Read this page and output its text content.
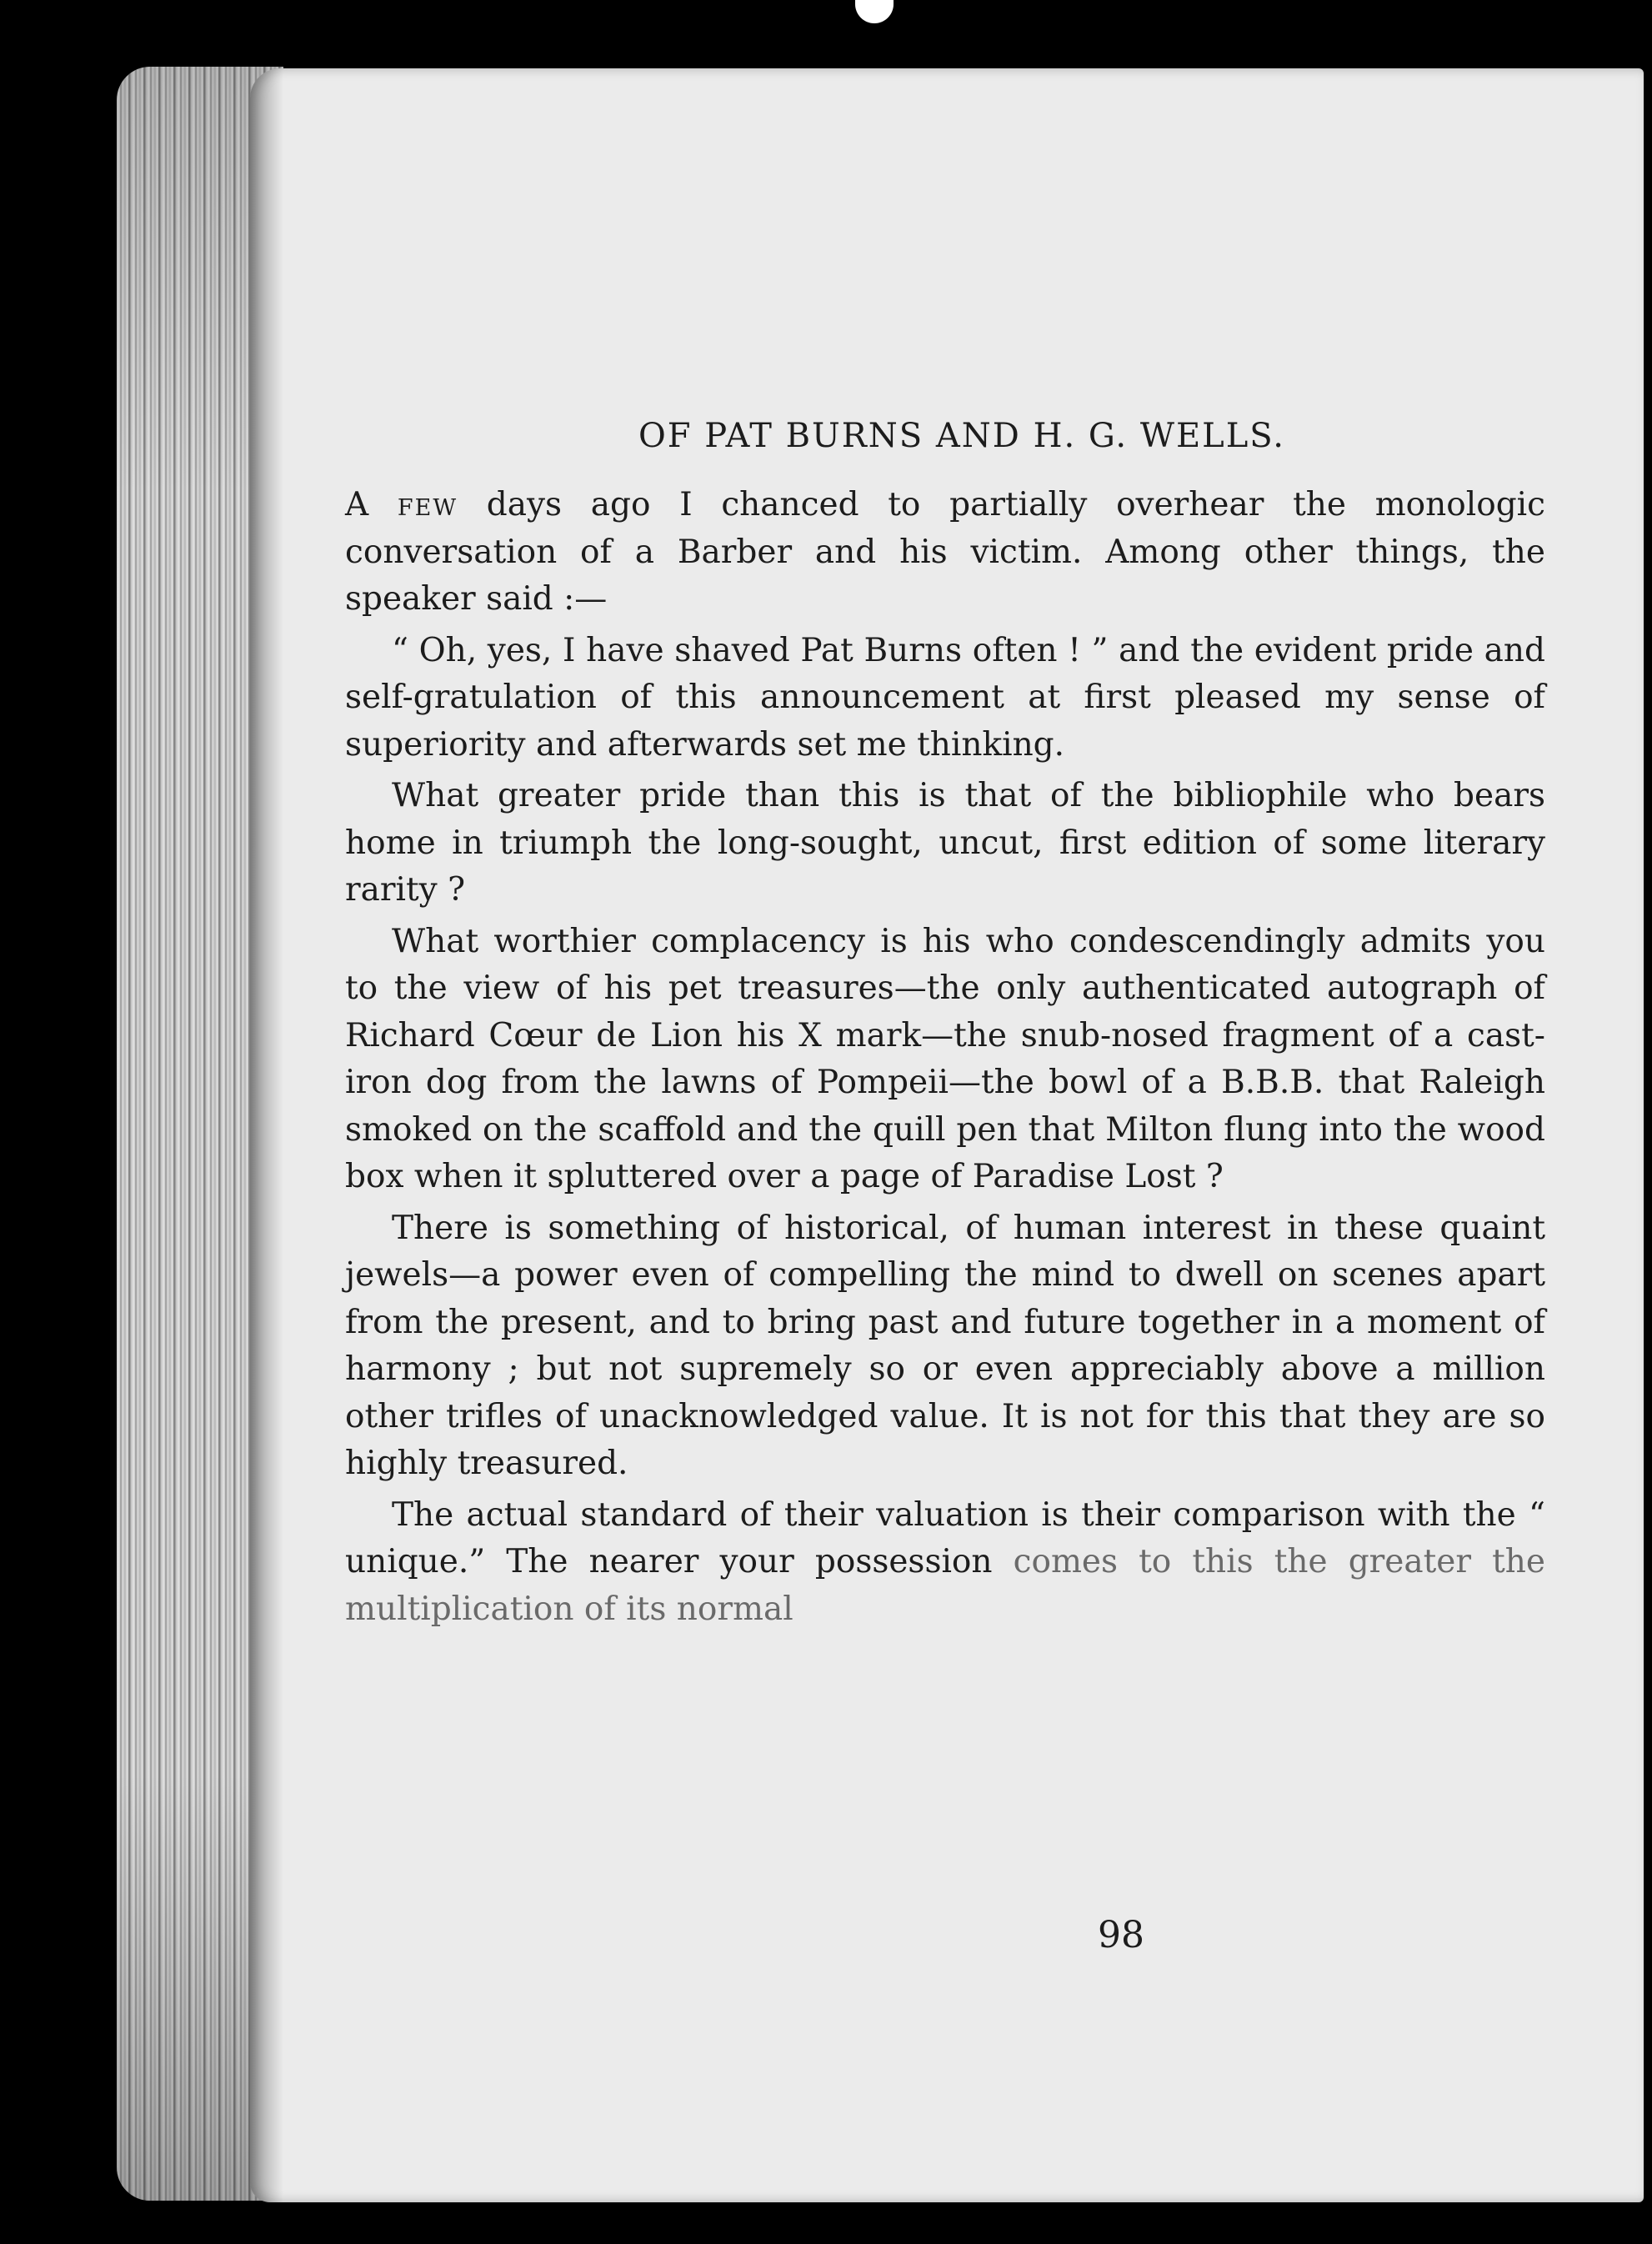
OF PAT BURNS AND H. G. WELLS.

A few days ago I chanced to partially overhear the monologic conversation of a Barber and his victim. Among other things, the speaker said :—

“ Oh, yes, I have shaved Pat Burns often ! ” and the evident pride and self-gratulation of this announcement at first pleased my sense of superiority and afterwards set me thinking.

What greater pride than this is that of the bibliophile who bears home in triumph the long-sought, uncut, first edition of some literary rarity ?

What worthier complacency is his who condescendingly admits you to the view of his pet treasures—the only authenticated autograph of Richard Cœur de Lion his X mark—the snub-nosed fragment of a cast-iron dog from the lawns of Pompeii—the bowl of a B.B.B. that Raleigh smoked on the scaffold and the quill pen that Milton flung into the wood box when it spluttered over a page of Paradise Lost ?

There is something of historical, of human interest in these quaint jewels—a power even of compelling the mind to dwell on scenes apart from the present, and to bring past and future together in a moment of harmony ; but not supremely so or even appreciably above a million other trifles of unacknowledged value. It is not for this that they are so highly treasured.

The actual standard of their valuation is their comparison with the “ unique.” The nearer your possession comes to this the greater the multiplication of its normal

98
